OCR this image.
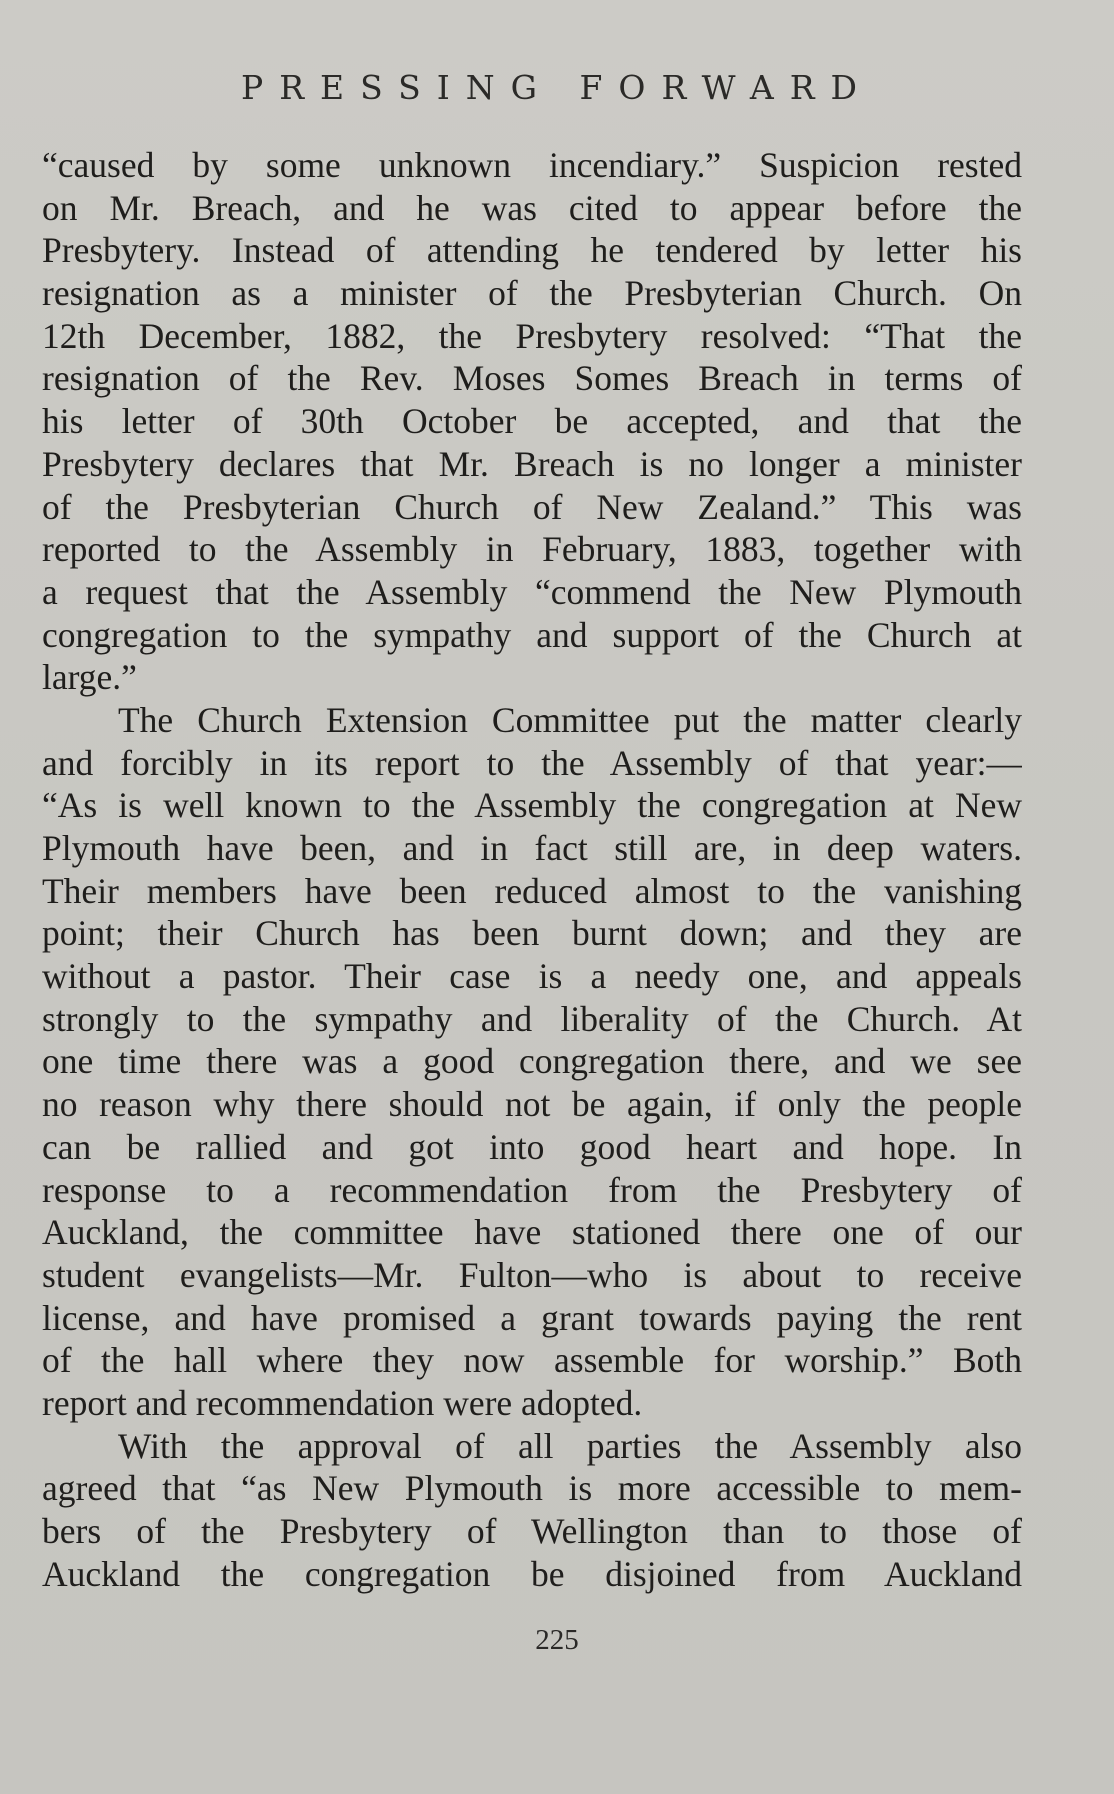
PRESSING FORWARD
“caused by some unknown incendiary.” Suspicion rested
on Mr. Breach, and he was cited to appear before the
Presbytery. Instead of attending he tendered by letter his
resignation as a minister of the Presbyterian Church. On
12th December, 1882, the Presbytery resolved: “That the
resignation of the Rev. Moses Somes Breach in terms of
his letter of 30th October be accepted, and that the
Presbytery declares that Mr. Breach is no longer a minister
of the Presbyterian Church of New Zealand.” This was
reported to the Assembly in February, 1883, together with
a request that the Assembly “commend the New Plymouth
congregation to the sympathy and support of the Church at
large.”
The Church Extension Committee put the matter clearly
and forcibly in its report to the Assembly of that year:—
“As is well known to the Assembly the congregation at New
Plymouth have been, and in fact still are, in deep waters.
Their members have been reduced almost to the vanishing
point; their Church has been burnt down; and they are
without a pastor. Their case is a needy one, and appeals
strongly to the sympathy and liberality of the Church. At
one time there was a good congregation there, and we see
no reason why there should not be again, if only the people
can be rallied and got into good heart and hope. In
response to a recommendation from the Presbytery of
Auckland, the committee have stationed there one of our
student evangelists—Mr. Fulton—who is about to receive
license, and have promised a grant towards paying the rent
of the hall where they now assemble for worship.” Both
report and recommendation were adopted.
With the approval of all parties the Assembly also
agreed that “as New Plymouth is more accessible to mem-
bers of the Presbytery of Wellington than to those of
Auckland the congregation be disjoined from Auckland
225
